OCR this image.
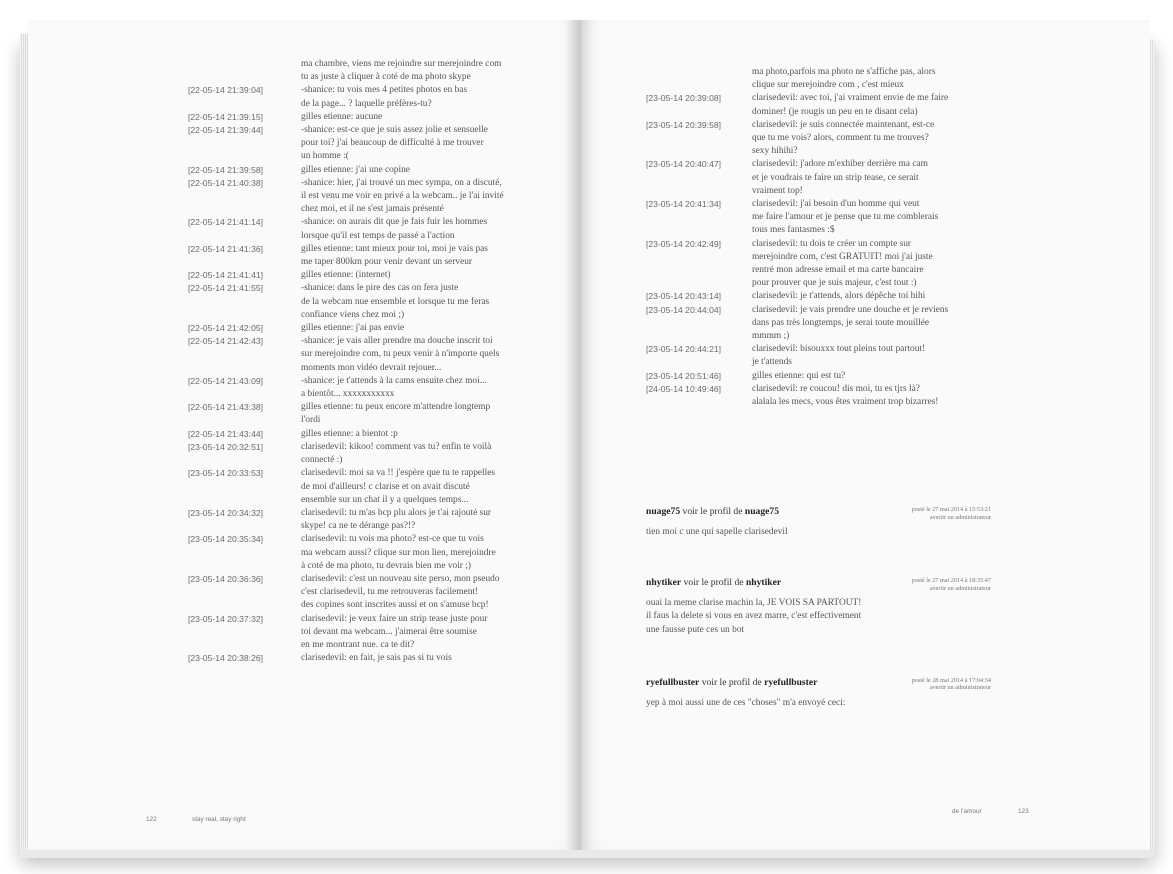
ma chambre, viens me rejoindre sur merejoindre com
tu as juste à cliquer à coté de ma photo skype
[22-05-14 21:39:04]	-shanice: tu vois mes 4 petites photos en bas
de la page... ? laquelle préfères-tu?
[22-05-14 21:39:15]	gilles etienne: aucune
[22-05-14 21:39:44]	-shanice: est-ce que je suis assez jolie et sensuelle
pour toi? j'ai beaucoup de difficulté à me trouver
un homme :(
[22-05-14 21:39:58]	gilles etienne: j'ai une copine
[22-05-14 21:40:38]	-shanice: hier, j'ai trouvé un mec sympa, on a discuté,
il est venu me voir en privé a la webcam.. je l'ai invité
chez moi, et il ne s'est jamais présenté
[22-05-14 21:41:14]	-shanice: on aurais dit que je fais fuir les hommes
lorsque qu'il est temps de passé a l'action
[22-05-14 21:41:36]	gilles etienne: tant mieux pour toi, moi je vais pas
me taper 800km pour venir devant un serveur
[22-05-14 21:41:41]	gilles etienne: (internet)
[22-05-14 21:41:55]	-shanice: dans le pire des cas on fera juste
de la webcam nue ensemble et lorsque tu me feras
confiance viens chez moi ;)
[22-05-14 21:42:05]	gilles etienne: j'ai pas envie
[22-05-14 21:42:43]	-shanice: je vais aller prendre ma douche inscrit toi
sur merejoindre com, tu peux venir à n'importe quels
moments mon vidéo devrait rejouer...
[22-05-14 21:43:09]	-shanice: je t'attends à la cams ensuite chez moi...
a bientôt... xxxxxxxxxxx
[22-05-14 21:43:38]	gilles etienne: tu peux encore m'attendre longtemp
l'ordi
[22-05-14 21:43:44]	gilles etienne: a bientot :p
[23-05-14 20:32:51]	clarisedevil: kikoo! comment vas tu? enfin te voilà
connecté :)
[23-05-14 20:33:53]	clarisedevil: moi sa va !! j'espère que tu te rappelles
de moi d'ailleurs! c clarise et on avait discuté
ensemble sur un chat il y a quelques temps...
[23-05-14 20:34:32]	clarisedevil: tu m'as bcp plu alors je t'ai rajouté sur
skype! ca ne te dérange pas?!?
[23-05-14 20:35:34]	clarisedevil: tu vois ma photo? est-ce que tu vois
ma webcam aussi? clique sur mon lien, merejoindre
à coté de ma photo, tu devrais bien me voir ;)
[23-05-14 20:36:36]	clarisedevil: c'est un nouveau site perso, mon pseudo
c'est clarisedevil, tu me retrouveras facilement!
des copines sont inscrites aussi et on s'amuse bcp!
[23-05-14 20:37:32]	clarisedevil: je veux faire un strip tease juste pour
toi devant ma webcam... j'aimerai être soumise
en me montrant nue. ca te dit?
[23-05-14 20:38:26]	clarisedevil: en fait, je sais pas si tu vois
122	stay real, stay right
ma photo,parfois ma photo ne s'affiche pas, alors
clique sur merejoindre com , c'est mieux
[23-05-14 20:39:08]	clarisedevil: avec toi, j'ai vraiment envie de me faire
dominer! (je rougis un peu en te disant cela)
[23-05-14 20:39:58]	clarisedevil: je suis connectée maintenant, est-ce
que tu me vois? alors, comment tu me trouves?
sexy hihihi?
[23-05-14 20:40:47]	clarisedevil: j'adore m'exhiber derrière ma cam
et je voudrais te faire un strip tease, ce serait
vraiment top!
[23-05-14 20:41:34]	clarisedevil: j'ai besoin d'un homme qui veut
me faire l'amour et je pense que tu me comblerais
tous mes fantasmes :$
[23-05-14 20:42:49]	clarisedevil: tu dois te créer un compte sur
merejoindre com, c'est GRATUIT! moi j'ai juste
rentré mon adresse email et ma carte bancaire
pour prouver que je suis majeur, c'est tout :)
[23-05-14 20:43:14]	clarisedevil: je t'attends, alors dépêche toi hihi
[23-05-14 20:44:04]	clarisedevil: je vais prendre une douche et je reviens
dans pas très longtemps, je serai toute mouillée
mmmm ;)
[23-05-14 20:44:21]	clarisedevil: bisouxxx tout pleins tout partout!
je t'attends
[23-05-14 20:51:46]	gilles etienne: qui est tu?
[24-05-14 10:49:46]	clarisedevil: re coucou! dis moi, tu es tjrs là?
alalala les mecs, vous êtes vraiment trop bizarres!
nuage75 voir le profil de nuage75	posté le 27 mai 2014 à 15:53:21
avertir un administrateur
tien moi c une qui sapelle clarisedevil
nhytiker voir le profil de nhytiker	posté le 27 mai 2014 à 18:35:47
avertir un administrateur
ouai la meme clarise machin la, JE VOIS SA PARTOUT!
il faus la delete si vous en avez marre, c'est effectivement
une fausse pute ces un bot
ryefullbuster voir le profil de ryefullbuster	posté le 28 mai 2014 à 17:04:34
avertir un administrateur
yep à moi aussi une de ces "choses" m'a envoyé ceci:
de l'amour	123
